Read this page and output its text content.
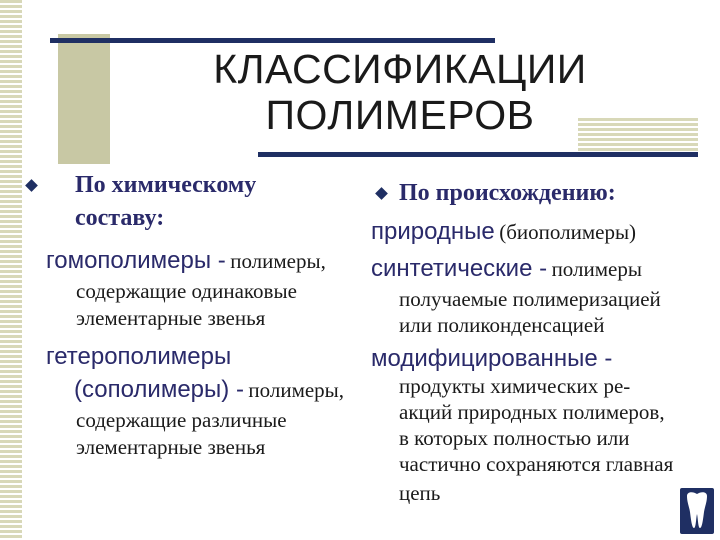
КЛАССИФИКАЦИИ
ПОЛИМЕРОВ
По химическому
составу:
гомополимеры - полимеры,
содержащие одинаковые
элементарные звенья
гетерополимеры
(сополимеры) - полимеры,
содержащие различные
элементарные звенья
По происхождению:
природные (биополимеры)
синтетические - полимеры
получаемые полимеризацией
или поликонденсацией
модифицированные -
продукты химических ре-
акций природных полимеров,
в которых полностью или
частично сохраняются главная
цепь
